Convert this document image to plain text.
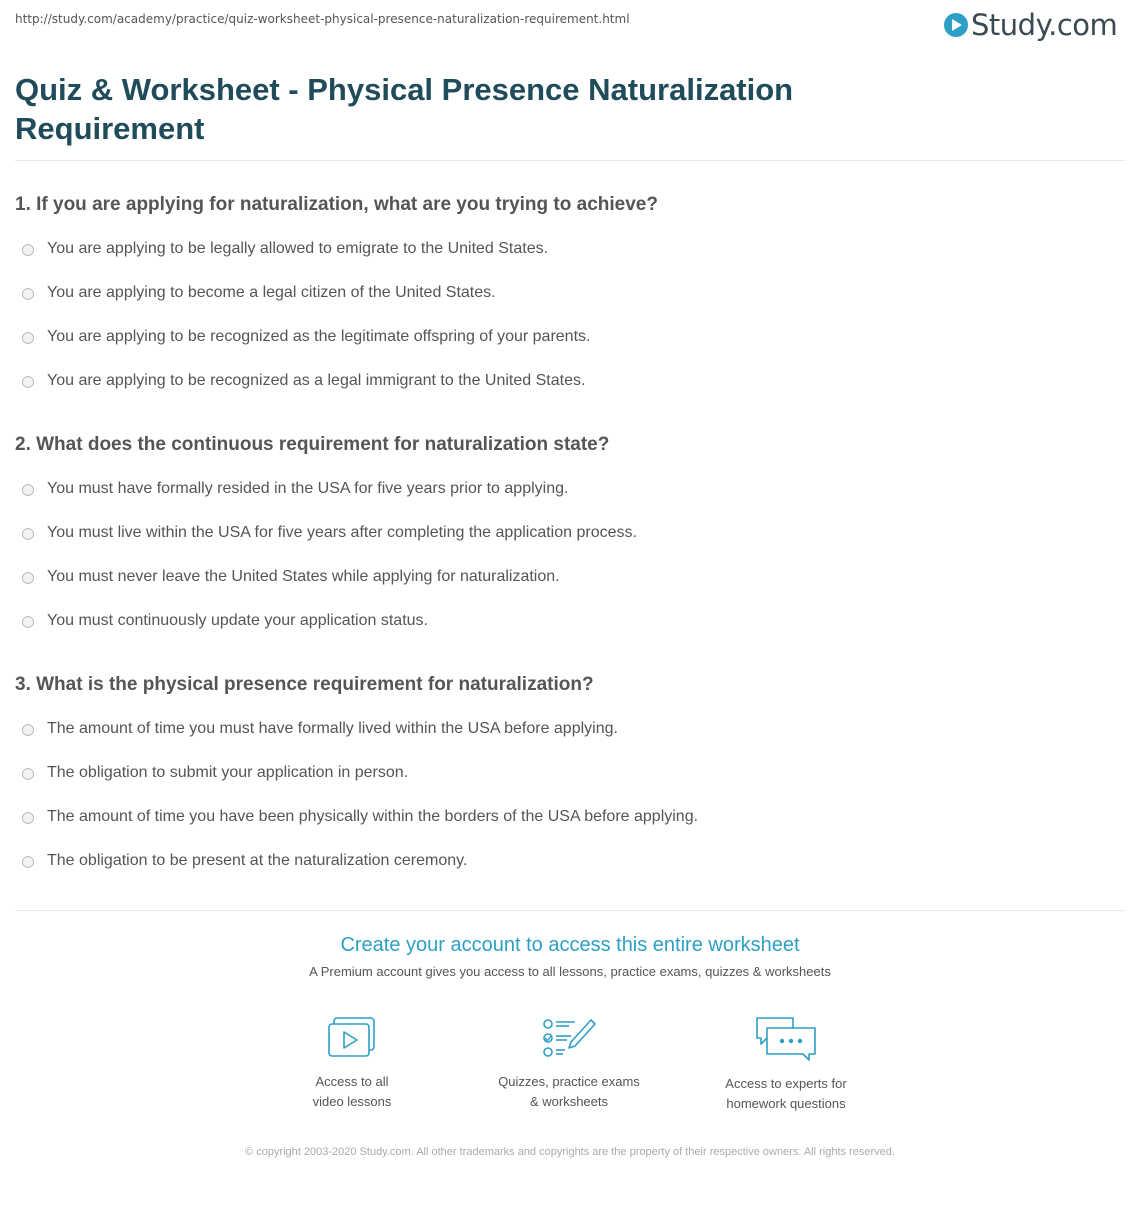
http://study.com/academy/practice/quiz-worksheet-physical-presence-naturalization-requirement.html	Study.com
Quiz & Worksheet - Physical Presence Naturalization Requirement
1. If you are applying for naturalization, what are you trying to achieve?
You are applying to be legally allowed to emigrate to the United States.
You are applying to become a legal citizen of the United States.
You are applying to be recognized as the legitimate offspring of your parents.
You are applying to be recognized as a legal immigrant to the United States.
2. What does the continuous requirement for naturalization state?
You must have formally resided in the USA for five years prior to applying.
You must live within the USA for five years after completing the application process.
You must never leave the United States while applying for naturalization.
You must continuously update your application status.
3. What is the physical presence requirement for naturalization?
The amount of time you must have formally lived within the USA before applying.
The obligation to submit your application in person.
The amount of time you have been physically within the borders of the USA before applying.
The obligation to be present at the naturalization ceremony.
Create your account to access this entire worksheet
A Premium account gives you access to all lessons, practice exams, quizzes & worksheets
Access to all
video lessons
Quizzes, practice exams
& worksheets
Access to experts for
homework questions
© copyright 2003-2020 Study.com. All other trademarks and copyrights are the property of their respective owners. All rights reserved.
